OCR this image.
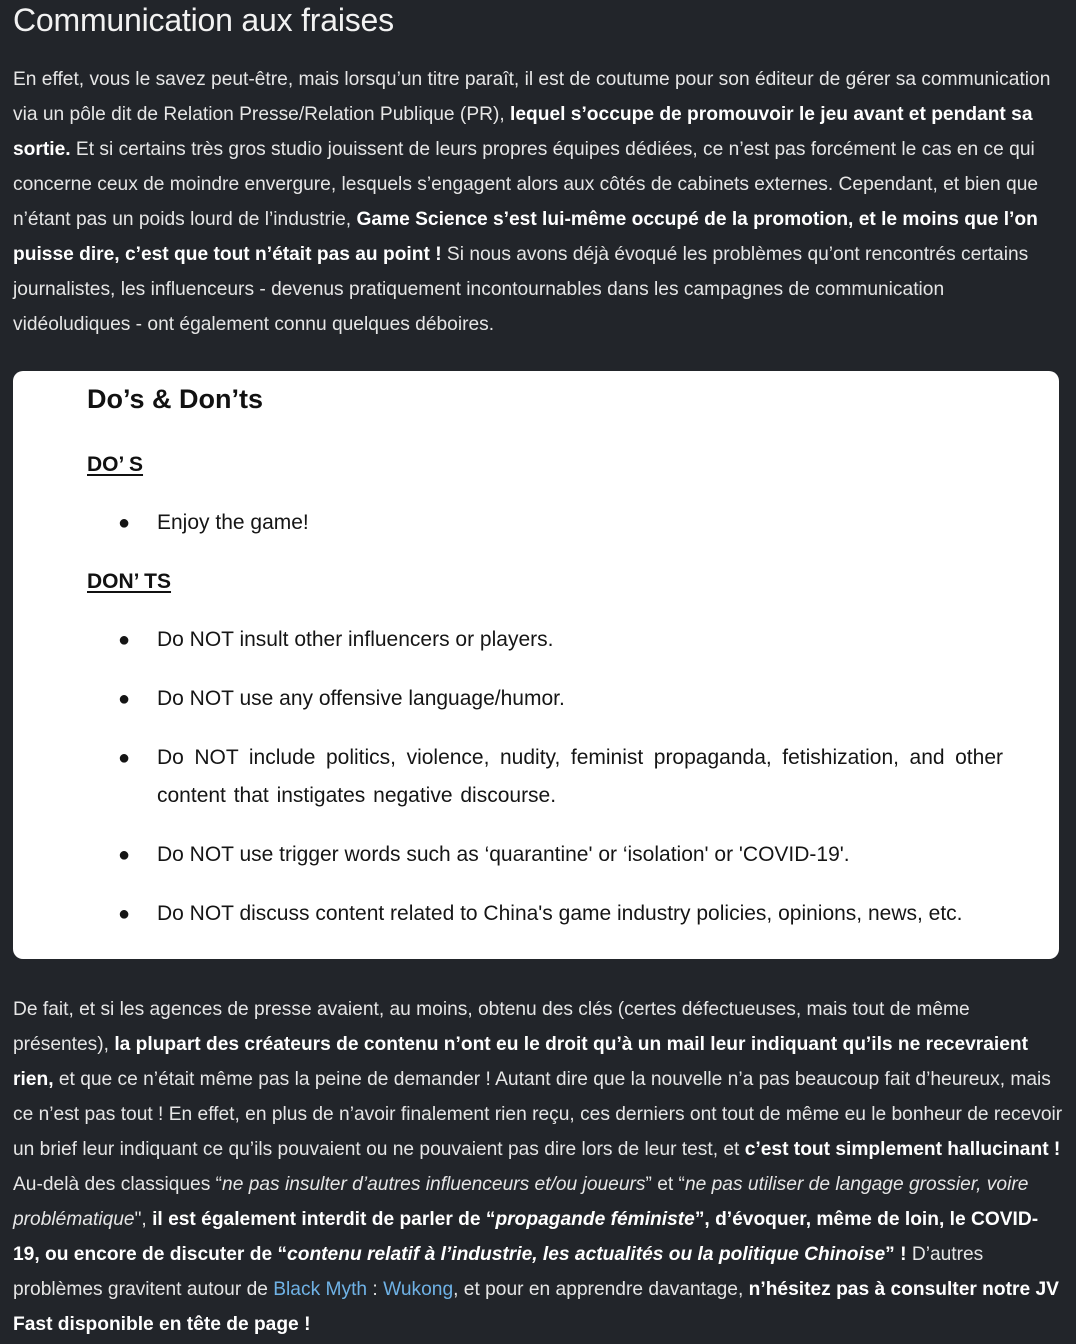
Communication aux fraises

En effet, vous le savez peut-être, mais lorsqu’un titre paraît, il est de coutume pour son éditeur de gérer sa communication via un pôle dit de Relation Presse/Relation Publique (PR), lequel s’occupe de promouvoir le jeu avant et pendant sa sortie. Et si certains très gros studio jouissent de leurs propres équipes dédiées, ce n’est pas forcément le cas en ce qui concerne ceux de moindre envergure, lesquels s’engagent alors aux côtés de cabinets externes. Cependant, et bien que n’étant pas un poids lourd de l’industrie, Game Science s’est lui-même occupé de la promotion, et le moins que l’on puisse dire, c’est que tout n’était pas au point ! Si nous avons déjà évoqué les problèmes qu’ont rencontrés certains journalistes, les influenceurs - devenus pratiquement incontournables dans les campagnes de communication vidéoludiques - ont également connu quelques déboires.

Do’s & Don’ts
DO’ S
●	Enjoy the game!
DON’ TS
●	Do NOT insult other influencers or players.
●	Do NOT use any offensive language/humor.
●	Do NOT include politics, violence, nudity, feminist propaganda, fetishization, and other content that instigates negative discourse.
●	Do NOT use trigger words such as ‘quarantine' or ‘isolation' or 'COVID-19'.
●	Do NOT discuss content related to China's game industry policies, opinions, news, etc.

De fait, et si les agences de presse avaient, au moins, obtenu des clés (certes défectueuses, mais tout de même présentes), la plupart des créateurs de contenu n’ont eu le droit qu’à un mail leur indiquant qu’ils ne recevraient rien, et que ce n’était même pas la peine de demander ! Autant dire que la nouvelle n’a pas beaucoup fait d’heureux, mais ce n’est pas tout ! En effet, en plus de n’avoir finalement rien reçu, ces derniers ont tout de même eu le bonheur de recevoir un brief leur indiquant ce qu’ils pouvaient ou ne pouvaient pas dire lors de leur test, et c’est tout simplement hallucinant ! Au-delà des classiques “ne pas insulter d’autres influenceurs et/ou joueurs” et “ne pas utiliser de langage grossier, voire problématique", il est également interdit de parler de “propagande féministe”, d’évoquer, même de loin, le COVID-19, ou encore de discuter de “contenu relatif à l’industrie, les actualités ou la politique Chinoise” ! D’autres problèmes gravitent autour de Black Myth : Wukong, et pour en apprendre davantage, n’hésitez pas à consulter notre JV Fast disponible en tête de page !
